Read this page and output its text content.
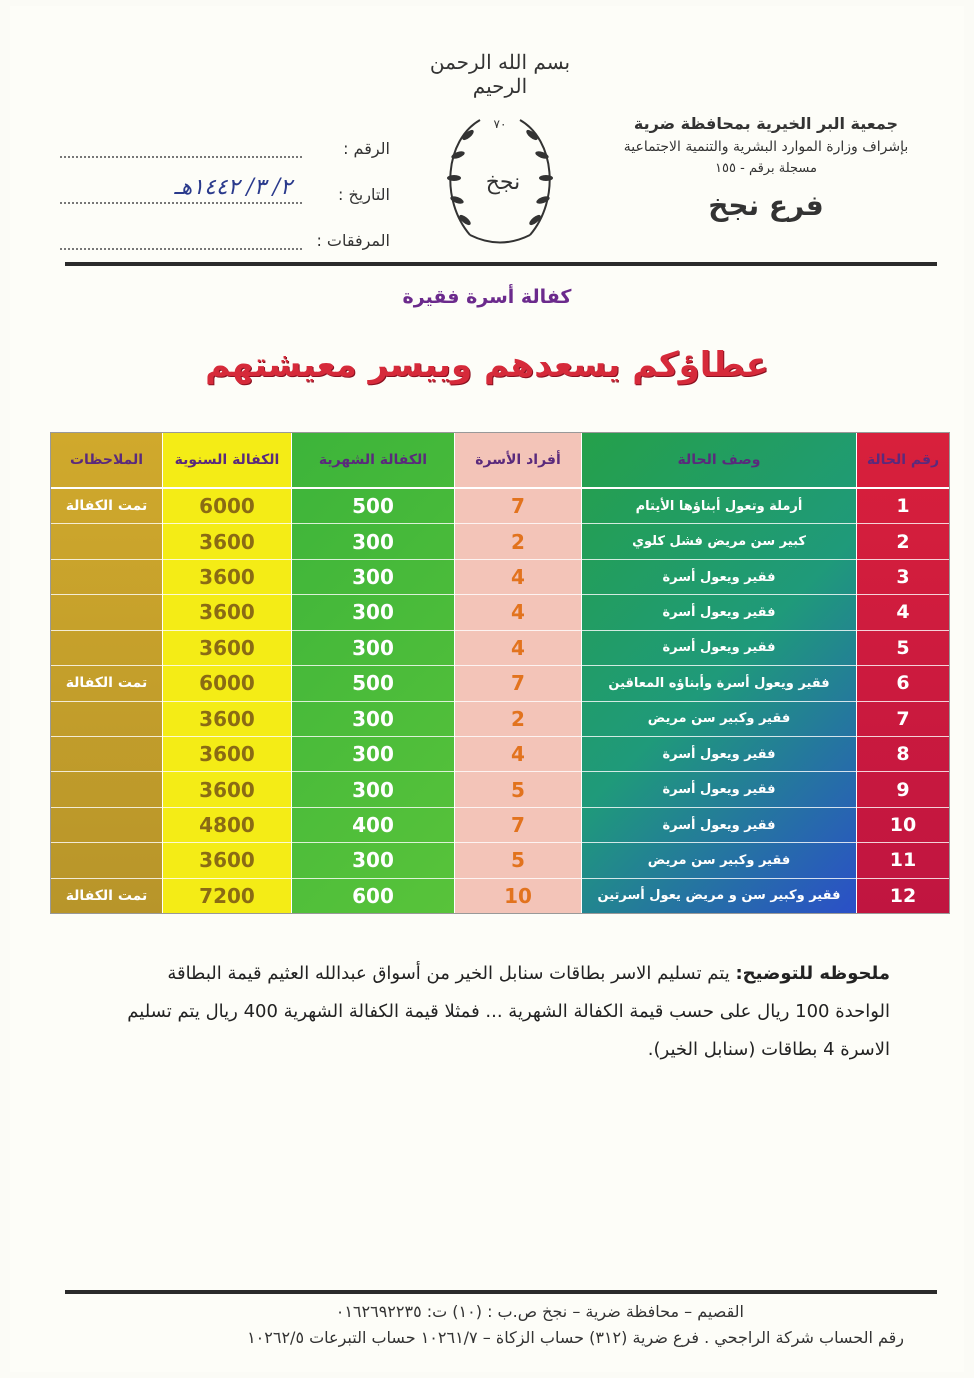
جمعية البر الخيرية بمحافظة ضرية
بإشراف وزارة الموارد البشرية والتنمية الاجتماعية
مسجلة برقم - ١٥٥
فرع نجخ
بسم الله الرحمن الرحيم
٧٠
نجخ
الرقم :
التاريخ :
٢/ ٣/ ١٤٤٢هـ
المرفقات :
كفالة أسرة فقيرة
عطاؤكم يسعدهم وييسر معيشتهم
رقم الحالة
1
2
3
4
5
6
7
8
9
10
11
12
وصف الحالة
أرملة وتعول أبناؤها الأيتام
كبير سن مريض فشل كلوي
فقير ويعول أسرة
فقير ويعول أسرة
فقير ويعول أسرة
فقير ويعول أسرة وأبناؤه المعاقين
فقير وكبير سن مريض
فقير ويعول أسرة
فقير ويعول أسرة
فقير ويعول أسرة
فقير وكبير سن مريض
فقير وكبير سن و مريض يعول أسرتين
أفراد الأسرة
7
2
4
4
4
7
2
4
5
7
5
10
الكفالة الشهرية
500
300
300
300
300
500
300
300
300
400
300
600
الكفالة السنوية
6000
3600
3600
3600
3600
6000
3600
3600
3600
4800
3600
7200
الملاحظات
تمت الكفالة
تمت الكفالة
تمت الكفالة
ملحوظه للتوضيح: يتم تسليم الاسر بطاقات سنابل الخير من أسواق عبدالله العثيم قيمة البطاقة الواحدة 100 ريال على حسب قيمة الكفالة الشهرية ... فمثلا قيمة الكفالة الشهرية 400 ريال يتم تسليم الاسرة 4 بطاقات (سنابل الخير).
القصيم – محافظة ضرية – نجخ ص.ب : (١٠) ت: ٠١٦٢٦٩٢٢٣٥
رقم الحساب شركة الراجحي . فرع ضرية (٣١٢) حساب الزكاة – ١٠٢٦١/٧ حساب التبرعات ١٠٢٦٢/٥
